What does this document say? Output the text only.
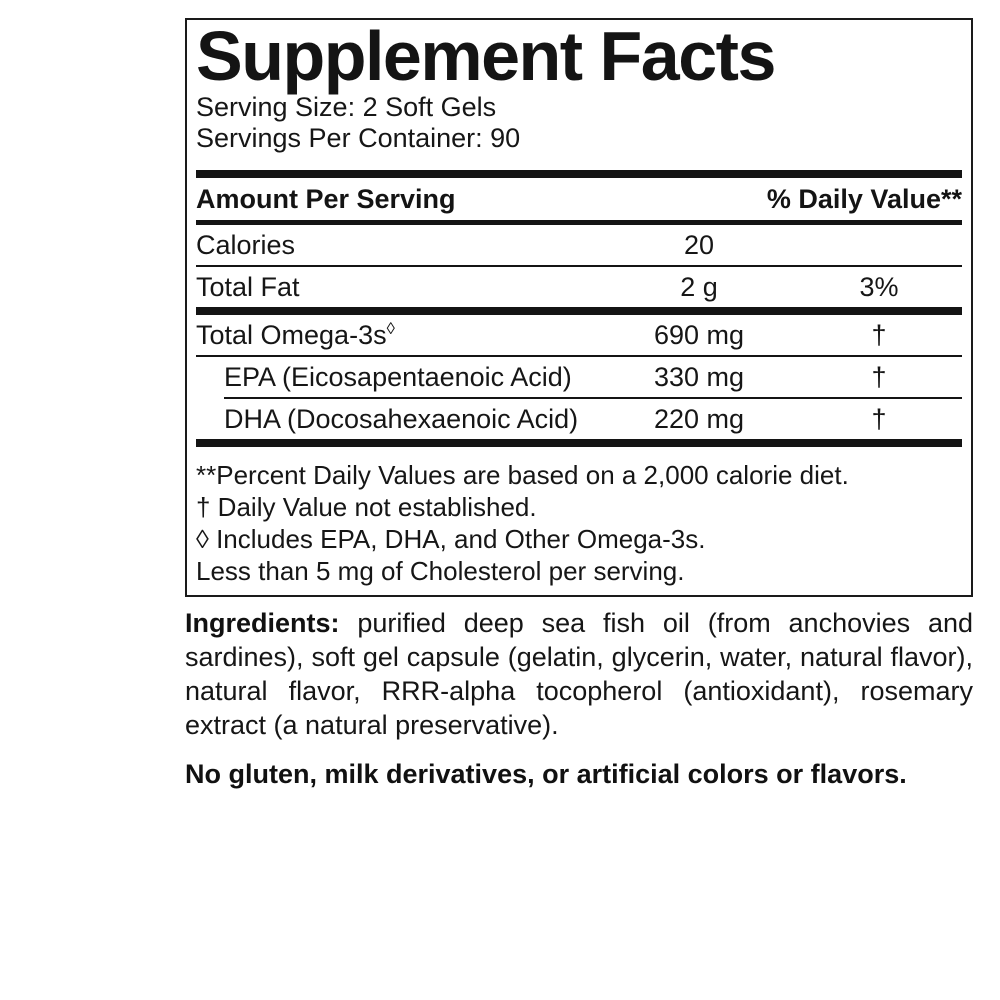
Supplement Facts
Serving Size: 2 Soft Gels
Servings Per Container: 90
Amount Per Serving	% Daily Value**
Calories	20
Total Fat	2 g	3%
Total Omega-3s◊	690 mg	†
EPA (Eicosapentaenoic Acid)	330 mg	†
DHA (Docosahexaenoic Acid)	220 mg	†
**Percent Daily Values are based on a 2,000 calorie diet.
† Daily Value not established.
◊ Includes EPA, DHA, and Other Omega-3s.
Less than 5 mg of Cholesterol per serving.

Ingredients: purified deep sea fish oil (from anchovies and sardines), soft gel capsule (gelatin, glycerin, water, natural flavor), natural flavor, RRR-alpha tocopherol (antioxidant), rosemary extract (a natural preservative).

No gluten, milk derivatives, or artificial colors or flavors.
